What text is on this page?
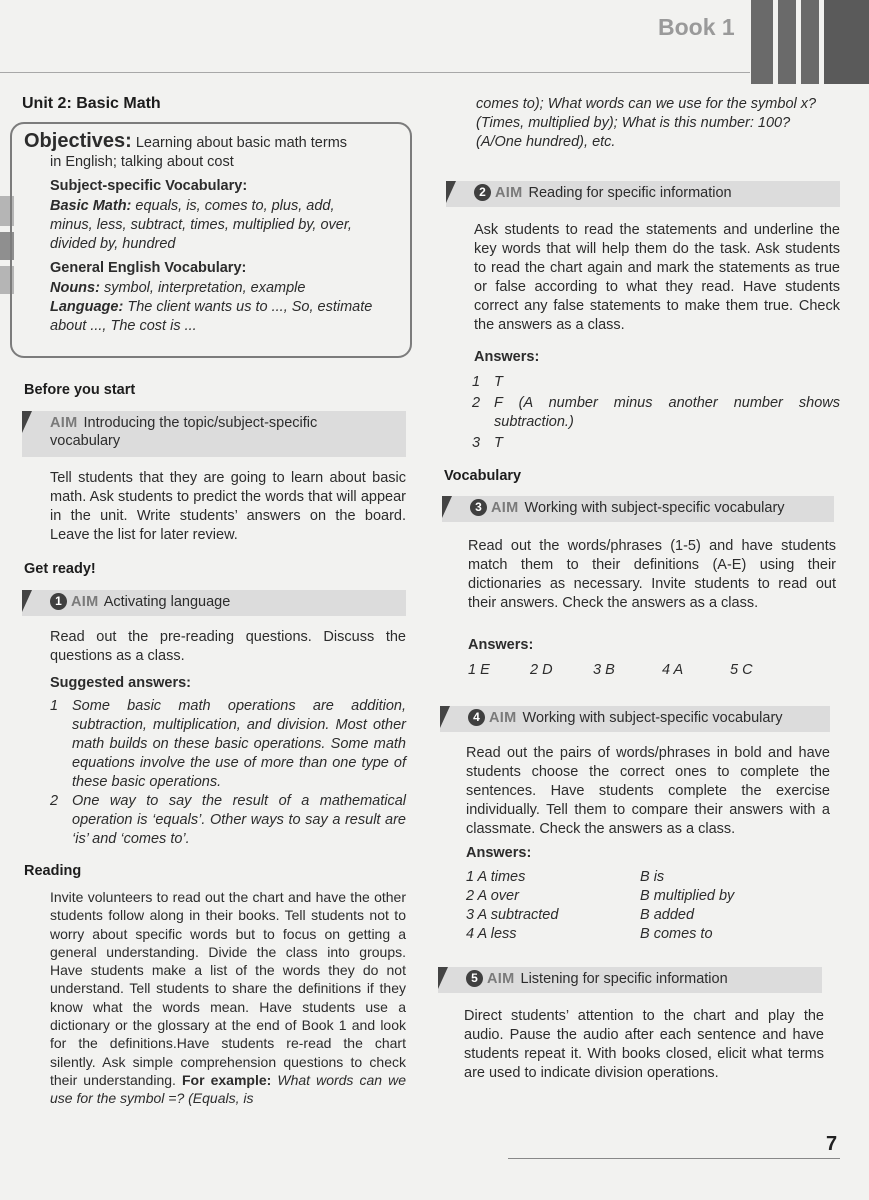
Book 1
Unit 2: Basic Math
Objectives: Learning about basic math terms
in English; talking about cost
Subject-specific Vocabulary:
Basic Math: equals, is, comes to, plus, add,
minus, less, subtract, times, multiplied by, over,
divided by, hundred
General English Vocabulary:
Nouns: symbol, interpretation, example
Language: The client wants us to ..., So, estimate
about ..., The cost is ...
Before you start
AIM Introducing the topic/subject-specific
vocabulary
Tell students that they are going to learn about basic math. Ask students to predict the words that will appear in the unit. Write students’ answers on the board. Leave the list for later review.
Get ready!
1 AIM Activating language
Read out the pre-reading questions. Discuss the questions as a class.
Suggested answers:
1 Some basic math operations are addition, subtraction, multiplication, and division. Most other math builds on these basic operations. Some math equations involve the use of more than one type of these basic operations.
2 One way to say the result of a mathematical operation is ‘equals’. Other ways to say a result are ‘is’ and ‘comes to’.
Reading
Invite volunteers to read out the chart and have the other students follow along in their books. Tell students not to worry about specific words but to focus on getting a general understanding. Divide the class into groups. Have students make a list of the words they do not understand. Tell students to share the definitions if they know what the words mean. Have students use a dictionary or the glossary at the end of Book 1 and look for the definitions.Have students re-read the chart silently. Ask simple comprehension questions to check their understanding. For example: What words can we use for the symbol =? (Equals, is
comes to); What words can we use for the symbol x? (Times, multiplied by); What is this number: 100? (A/One hundred), etc.
2 AIM Reading for specific information
Ask students to read the statements and underline the key words that will help them do the task. Ask students to read the chart again and mark the statements as true or false according to what they read. Have students correct any false statements to make them true. Check the answers as a class.
Answers:
1 T
2 F (A number minus another number shows subtraction.)
3 T
Vocabulary
3 AIM Working with subject-specific vocabulary
Read out the words/phrases (1-5) and have students match them to their definitions (A-E) using their dictionaries as necessary. Invite students to read out their answers. Check the answers as a class.
Answers:
1 E	2 D	3 B	4 A	5 C
4 AIM Working with subject-specific vocabulary
Read out the pairs of words/phrases in bold and have students choose the correct ones to complete the sentences. Have students complete the exercise individually. Tell them to compare their answers with a classmate. Check the answers as a class.
Answers:
1 A times	B is
2 A over	B multiplied by
3 A subtracted	B added
4 A less	B comes to
5 AIM Listening for specific information
Direct students’ attention to the chart and play the audio. Pause the audio after each sentence and have students repeat it. With books closed, elicit what terms are used to indicate division operations.
7
